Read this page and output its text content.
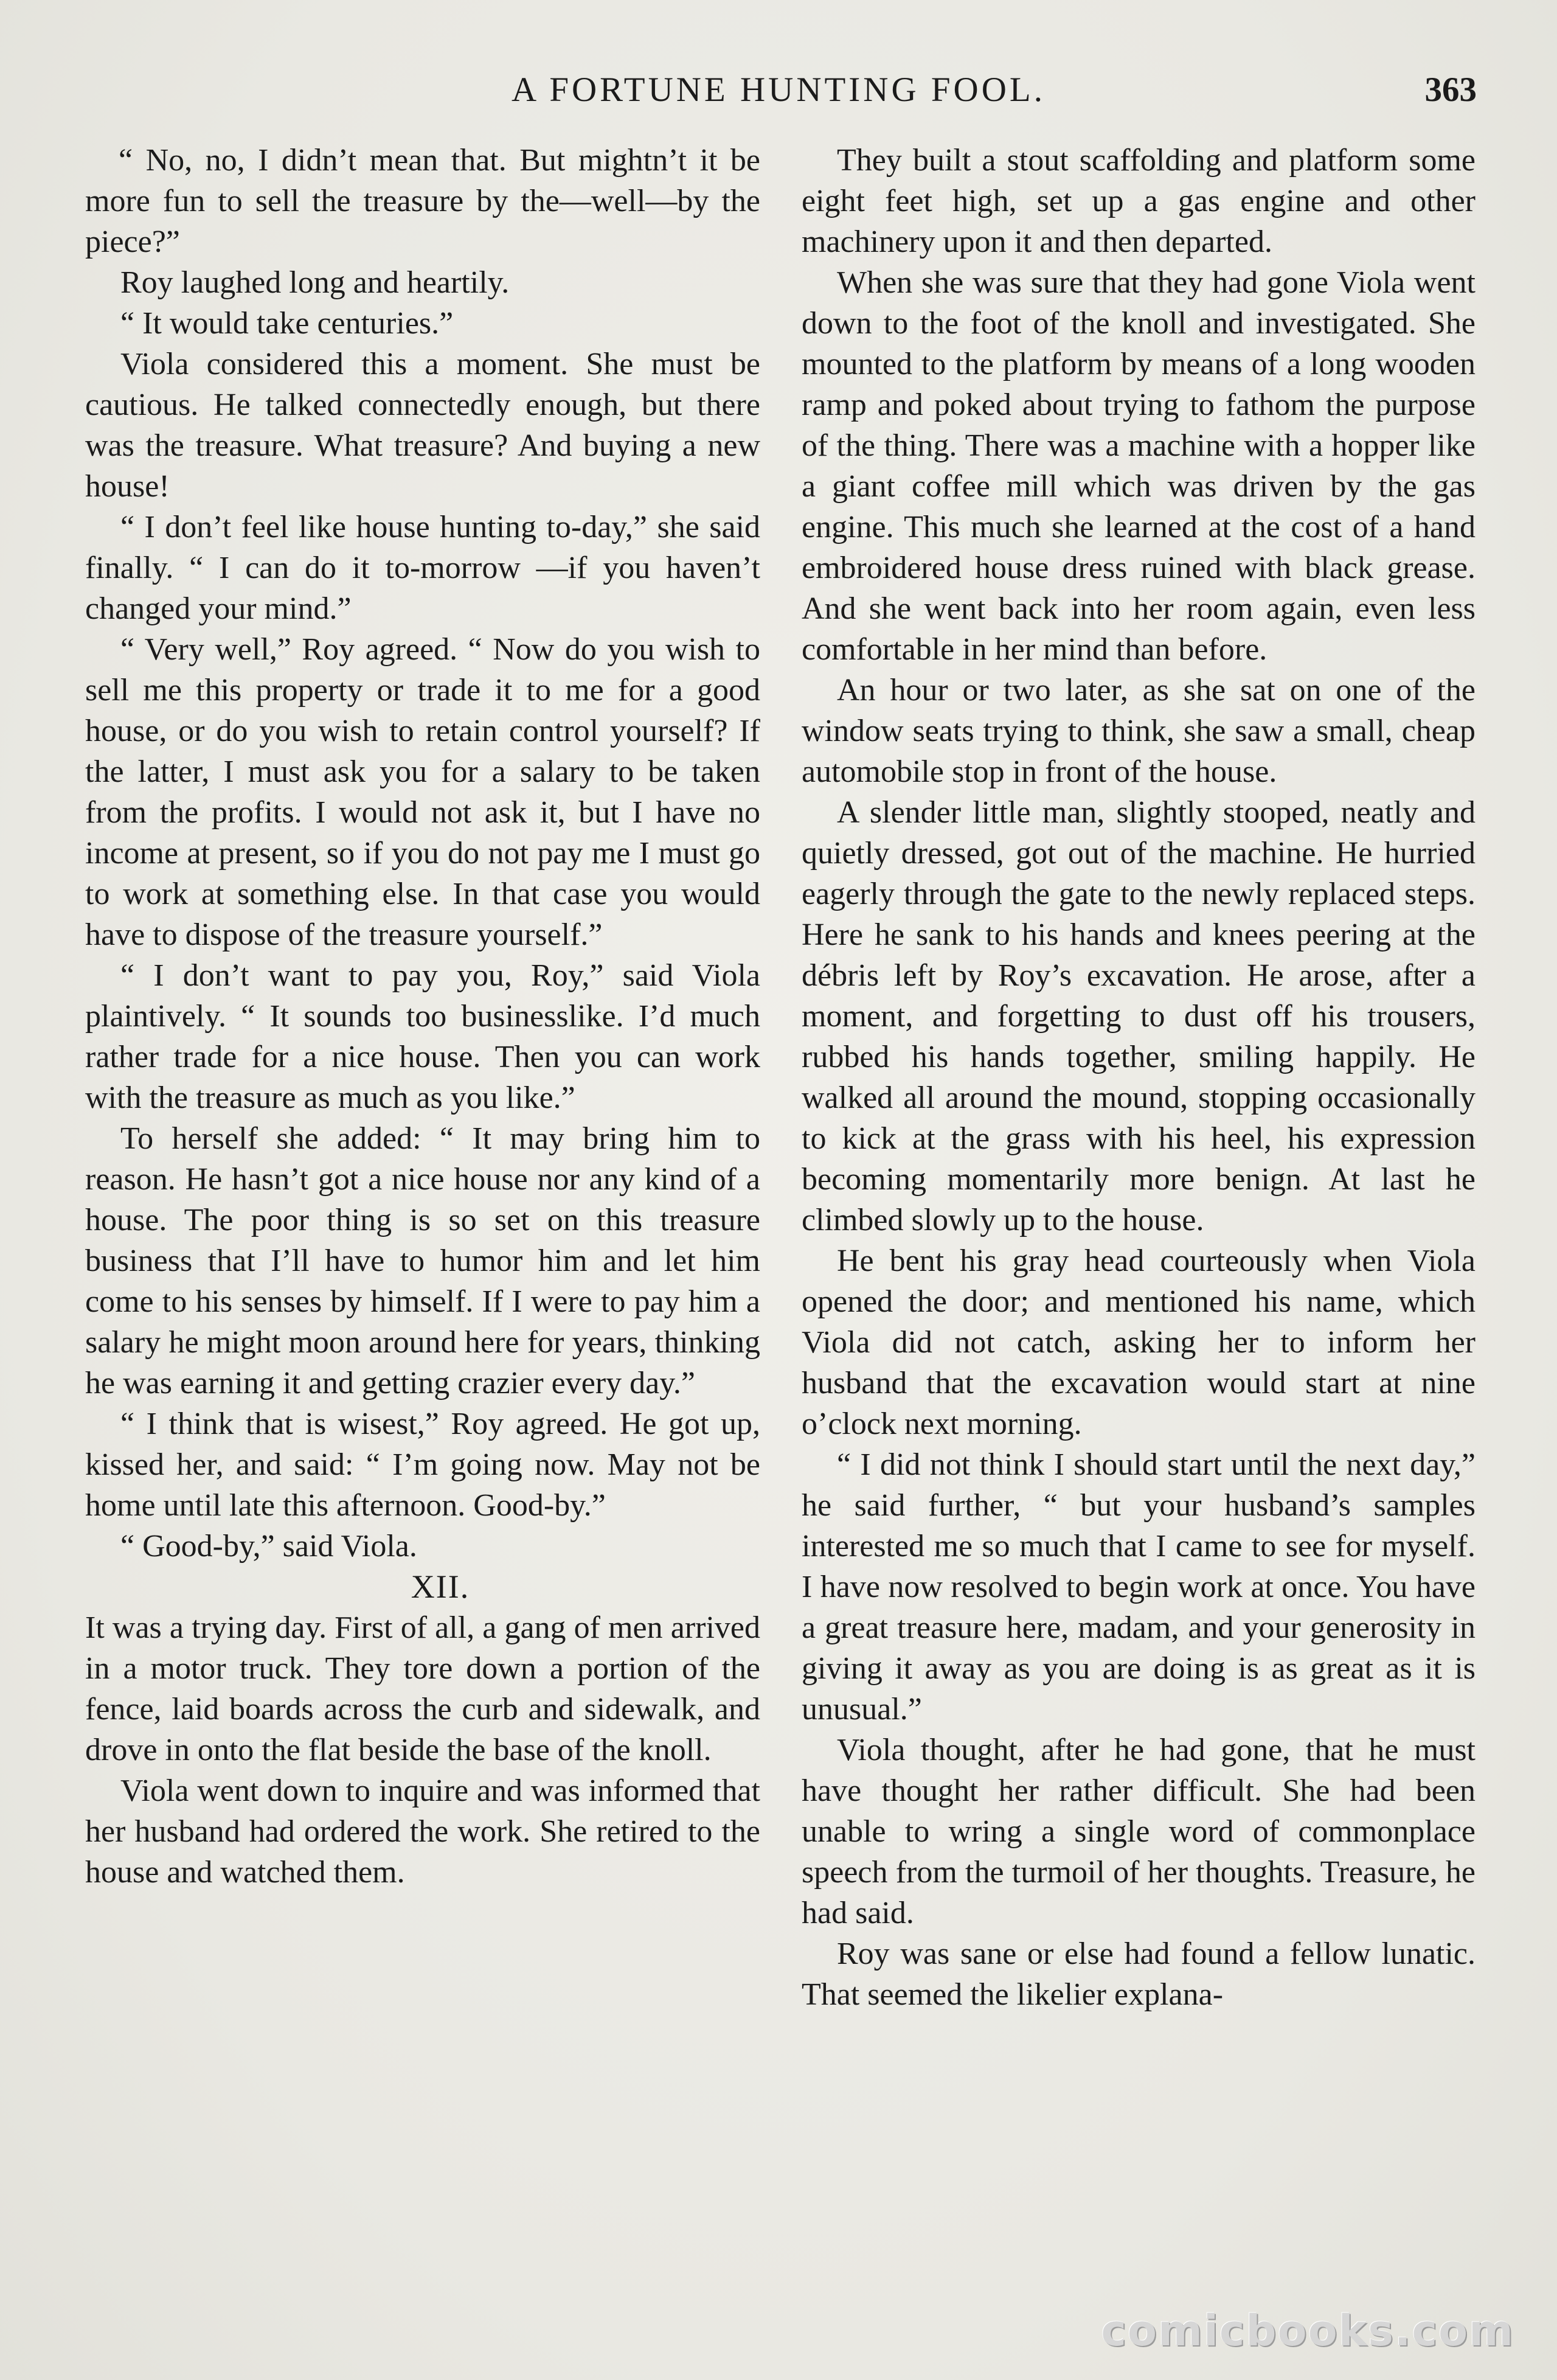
A FORTUNE HUNTING FOOL.	363

“ No, no, I didn’t mean that. But mightn’t it be more fun to sell the treasure by the—well—by the piece?”

Roy laughed long and heartily.

“ It would take centuries.”

Viola considered this a moment. She must be cautious. He talked connectedly enough, but there was the treasure. What treasure? And buying a new house!

“ I don’t feel like house hunting to-day,” she said finally. “ I can do it to-morrow —if you haven’t changed your mind.”

“ Very well,” Roy agreed. “ Now do you wish to sell me this property or trade it to me for a good house, or do you wish to retain control yourself? If the latter, I must ask you for a salary to be taken from the profits. I would not ask it, but I have no income at present, so if you do not pay me I must go to work at something else. In that case you would have to dispose of the treasure yourself.”

“ I don’t want to pay you, Roy,” said Viola plaintively. “ It sounds too businesslike. I’d much rather trade for a nice house. Then you can work with the treasure as much as you like.”

To herself she added: “ It may bring him to reason. He hasn’t got a nice house nor any kind of a house. The poor thing is so set on this treasure business that I’ll have to humor him and let him come to his senses by himself. If I were to pay him a salary he might moon around here for years, thinking he was earning it and getting crazier every day.”

“ I think that is wisest,” Roy agreed. He got up, kissed her, and said: “ I’m going now. May not be home until late this afternoon. Good-by.”

“ Good-by,” said Viola.

XII.

It was a trying day. First of all, a gang of men arrived in a motor truck. They tore down a portion of the fence, laid boards across the curb and sidewalk, and drove in onto the flat beside the base of the knoll.

Viola went down to inquire and was informed that her husband had ordered the work. She retired to the house and watched them.

They built a stout scaffolding and platform some eight feet high, set up a gas engine and other machinery upon it and then departed.

When she was sure that they had gone Viola went down to the foot of the knoll and investigated. She mounted to the platform by means of a long wooden ramp and poked about trying to fathom the purpose of the thing. There was a machine with a hopper like a giant coffee mill which was driven by the gas engine. This much she learned at the cost of a hand embroidered house dress ruined with black grease. And she went back into her room again, even less comfortable in her mind than before.

An hour or two later, as she sat on one of the window seats trying to think, she saw a small, cheap automobile stop in front of the house.

A slender little man, slightly stooped, neatly and quietly dressed, got out of the machine. He hurried eagerly through the gate to the newly replaced steps. Here he sank to his hands and knees peering at the débris left by Roy’s excavation. He arose, after a moment, and forgetting to dust off his trousers, rubbed his hands together, smiling happily. He walked all around the mound, stopping occasionally to kick at the grass with his heel, his expression becoming momentarily more benign. At last he climbed slowly up to the house.

He bent his gray head courteously when Viola opened the door; and mentioned his name, which Viola did not catch, asking her to inform her husband that the excavation would start at nine o’clock next morning.

“ I did not think I should start until the next day,” he said further, “ but your husband’s samples interested me so much that I came to see for myself. I have now resolved to begin work at once. You have a great treasure here, madam, and your generosity in giving it away as you are doing is as great as it is unusual.”

Viola thought, after he had gone, that he must have thought her rather difficult. She had been unable to wring a single word of commonplace speech from the turmoil of her thoughts. Treasure, he had said.

Roy was sane or else had found a fellow lunatic. That seemed the likelier explana-

comicbooks.com
